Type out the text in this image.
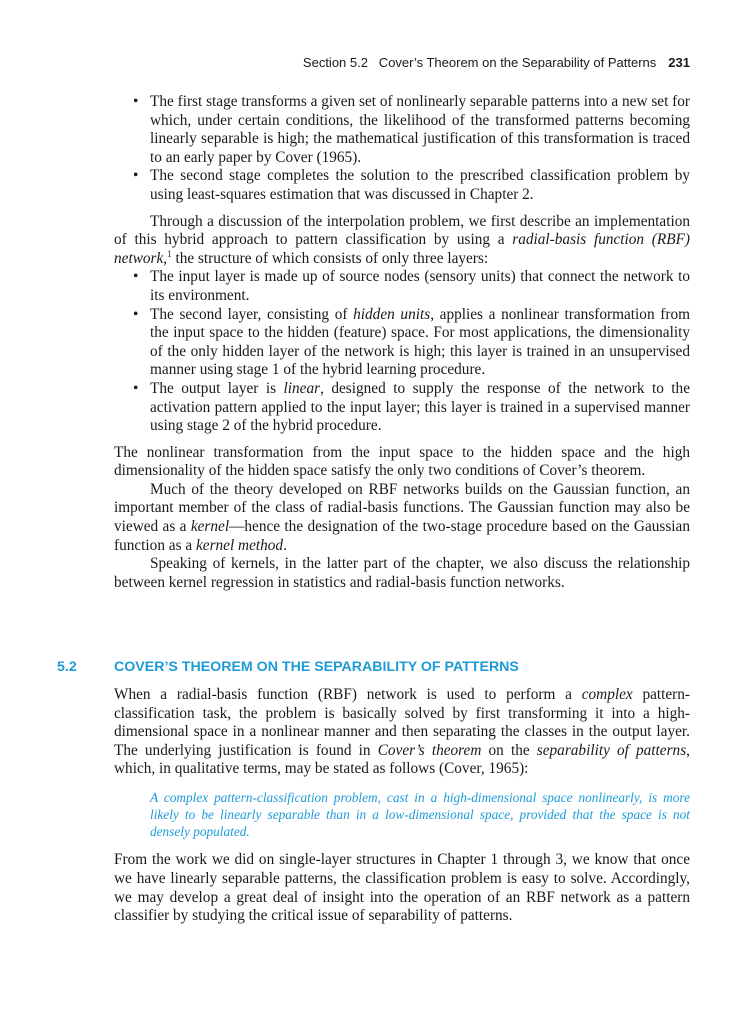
Section 5.2   Cover’s Theorem on the Separability of Patterns 231
• The first stage transforms a given set of nonlinearly separable patterns into a new set for which, under certain conditions, the likelihood of the transformed patterns becoming linearly separable is high; the mathematical justification of this transformation is traced to an early paper by Cover (1965).
• The second stage completes the solution to the prescribed classification problem by using least-squares estimation that was discussed in Chapter 2.

Through a discussion of the interpolation problem, we first describe an implementation of this hybrid approach to pattern classification by using a radial-basis function (RBF) network,$^1$ the structure of which consists of only three layers:

• The input layer is made up of source nodes (sensory units) that connect the network to its environment.
• The second layer, consisting of hidden units, applies a nonlinear transformation from the input space to the hidden (feature) space. For most applications, the dimensionality of the only hidden layer of the network is high; this layer is trained in an unsupervised manner using stage 1 of the hybrid learning procedure.
• The output layer is linear, designed to supply the response of the network to the activation pattern applied to the input layer; this layer is trained in a supervised manner using stage 2 of the hybrid procedure.

The nonlinear transformation from the input space to the hidden space and the high dimensionality of the hidden space satisfy the only two conditions of Cover’s theorem.

Much of the theory developed on RBF networks builds on the Gaussian function, an important member of the class of radial-basis functions. The Gaussian function may also be viewed as a kernel—hence the designation of the two-stage procedure based on the Gaussian function as a kernel method.

Speaking of kernels, in the latter part of the chapter, we also discuss the relationship between kernel regression in statistics and radial-basis function networks.

5.2	COVER’S THEOREM ON THE SEPARABILITY OF PATTERNS

When a radial-basis function (RBF) network is used to perform a complex pattern-classification task, the problem is basically solved by first transforming it into a high-dimensional space in a nonlinear manner and then separating the classes in the output layer. The underlying justification is found in Cover’s theorem on the separability of patterns, which, in qualitative terms, may be stated as follows (Cover, 1965):

A complex pattern-classification problem, cast in a high-dimensional space nonlinearly, is more likely to be linearly separable than in a low-dimensional space, provided that the space is not densely populated.

From the work we did on single-layer structures in Chapter 1 through 3, we know that once we have linearly separable patterns, the classification problem is easy to solve. Accordingly, we may develop a great deal of insight into the operation of an RBF network as a pattern classifier by studying the critical issue of separability of patterns.
